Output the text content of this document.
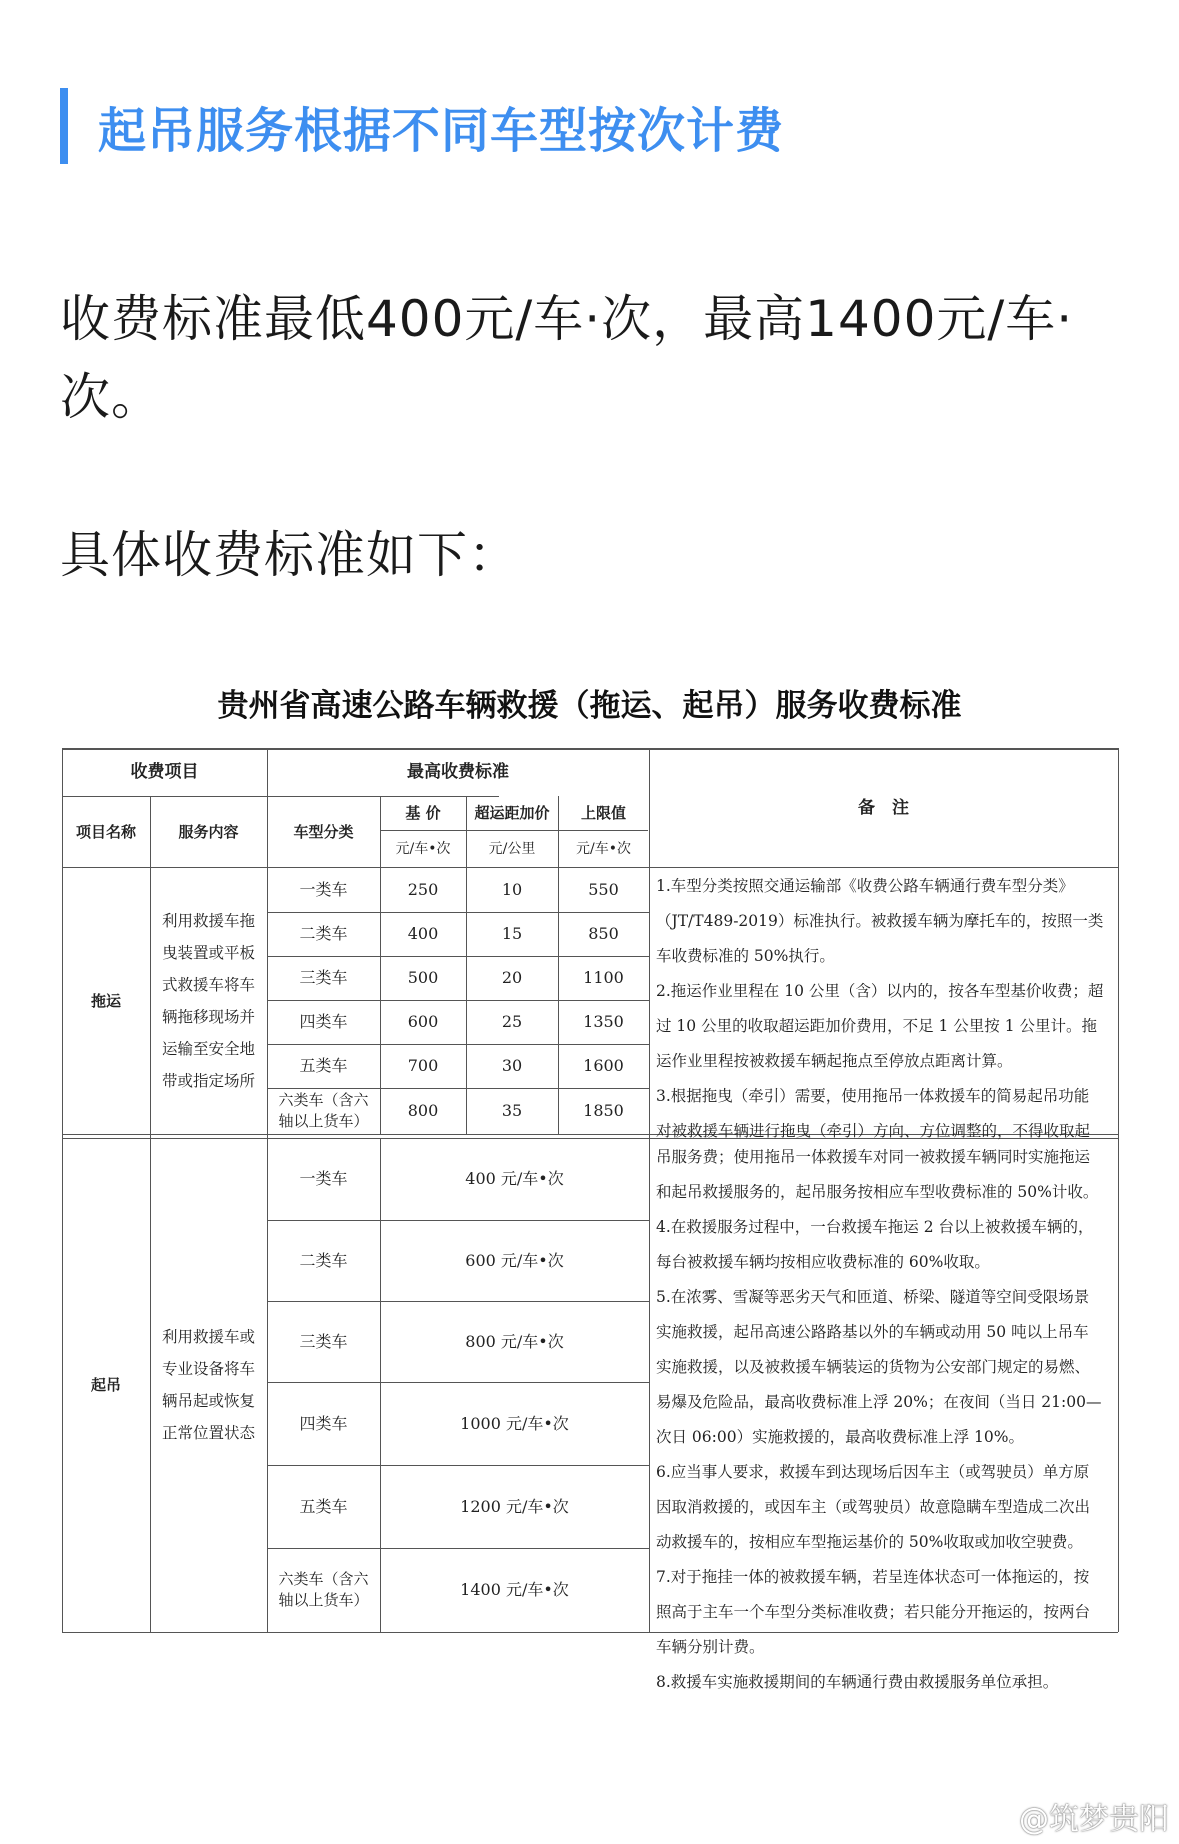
起吊服务根据不同车型按次计费
收费标准最低400元/车·次，最高1400元/车·次。
具体收费标准如下：
贵州省高速公路车辆救援（拖运、起吊）服务收费标准
收费项目	最高收费标准
备　注
项目名称	服务内容	车型分类
基 价	超运距加价	上限值
元/车•次	元/公里	元/车•次
拖运
利用救援车拖
曳装置或平板
式救援车将车
辆拖移现场并
运输至安全地
带或指定场所
一类车	250	10	550
二类车	400	15	850
三类车	500	20	1100
四类车	600	25	1350
五类车	700	30	1600
六类车（含六
轴以上货车）
800	35	1850
1.车型分类按照交通运输部《收费公路车辆通行费车型分类》
（JT/T489-2019）标准执行。被救援车辆为摩托车的，按照一类
车收费标准的 50%执行。
2.拖运作业里程在 10 公里（含）以内的，按各车型基价收费；超
过 10 公里的收取超运距加价费用，不足 1 公里按 1 公里计。拖
运作业里程按被救援车辆起拖点至停放点距离计算。
3.根据拖曳（牵引）需要，使用拖吊一体救援车的简易起吊功能
对被救援车辆进行拖曳（牵引）方向、方位调整的，不得收取起
起吊
利用救援车或
专业设备将车
辆吊起或恢复
正常位置状态
一类车	400 元/车•次
二类车	600 元/车•次
三类车	800 元/车•次
四类车	1000 元/车•次
五类车	1200 元/车•次
六类车（含六
轴以上货车）
1400 元/车•次
吊服务费；使用拖吊一体救援车对同一被救援车辆同时实施拖运
和起吊救援服务的，起吊服务按相应车型收费标准的 50%计收。
4.在救援服务过程中，一台救援车拖运 2 台以上被救援车辆的，
每台被救援车辆均按相应收费标准的 60%收取。
5.在浓雾、雪凝等恶劣天气和匝道、桥梁、隧道等空间受限场景
实施救援，起吊高速公路路基以外的车辆或动用 50 吨以上吊车
实施救援，以及被救援车辆装运的货物为公安部门规定的易燃、
易爆及危险品，最高收费标准上浮 20%；在夜间（当日 21:00—
次日 06:00）实施救援的，最高收费标准上浮 10%。
6.应当事人要求，救援车到达现场后因车主（或驾驶员）单方原
因取消救援的，或因车主（或驾驶员）故意隐瞒车型造成二次出
动救援车的，按相应车型拖运基价的 50%收取或加收空驶费。
7.对于拖挂一体的被救援车辆，若呈连体状态可一体拖运的，按
照高于主车一个车型分类标准收费；若只能分开拖运的，按两台
车辆分别计费。
8.救援车实施救援期间的车辆通行费由救援服务单位承担。
@筑梦贵阳
